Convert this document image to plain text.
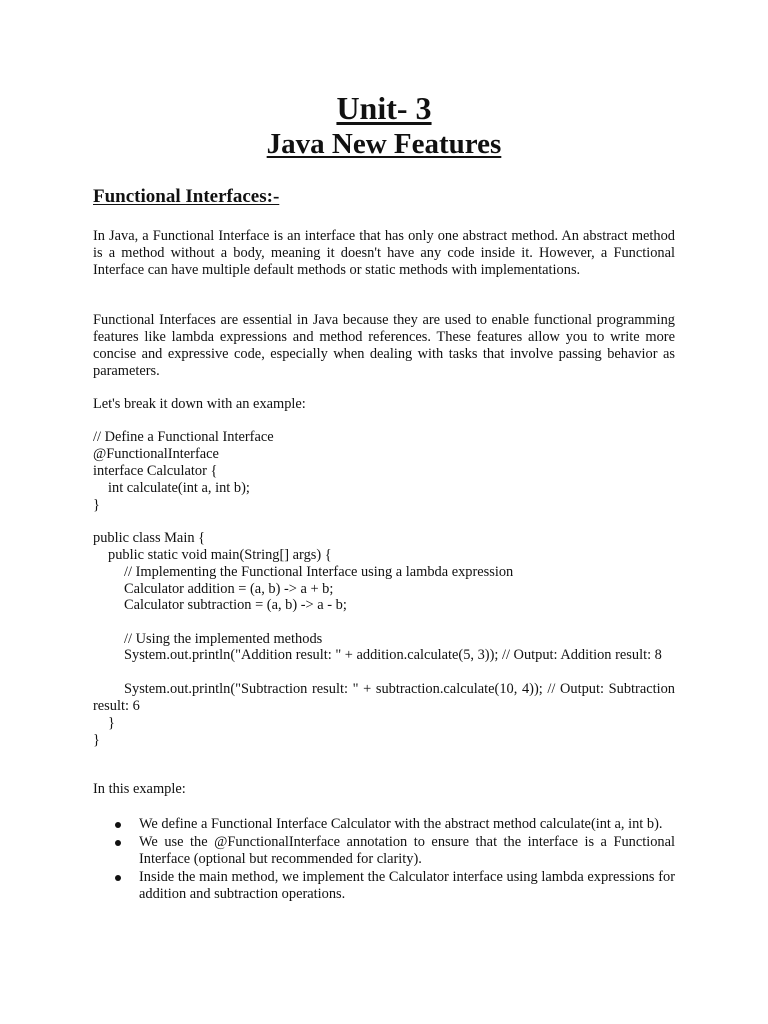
Unit- 3
Java New Features
Functional Interfaces:-

In Java, a Functional Interface is an interface that has only one abstract method. An abstract method is a method without a body, meaning it doesn't have any code inside it. However, a Functional Interface can have multiple default methods or static methods with implementations.

Functional Interfaces are essential in Java because they are used to enable functional programming features like lambda expressions and method references. These features allow you to write more concise and expressive code, especially when dealing with tasks that involve passing behavior as parameters.

Let's break it down with an example:

// Define a Functional Interface
@FunctionalInterface
interface Calculator {
int calculate(int a, int b);
}
public class Main {
public static void main(String[] args) {
// Implementing the Functional Interface using a lambda expression
Calculator addition = (a, b) -> a + b;
Calculator subtraction = (a, b) -> a - b;
// Using the implemented methods
System.out.println("Addition result: " + addition.calculate(5, 3)); // Output: Addition result: 8
System.out.println("Subtraction result: " + subtraction.calculate(10, 4)); // Output: Subtraction result: 6
}
}

In this example:

We define a Functional Interface Calculator with the abstract method calculate(int a, int b).
We use the @FunctionalInterface annotation to ensure that the interface is a Functional Interface (optional but recommended for clarity).
Inside the main method, we implement the Calculator interface using lambda expressions for addition and subtraction operations.
